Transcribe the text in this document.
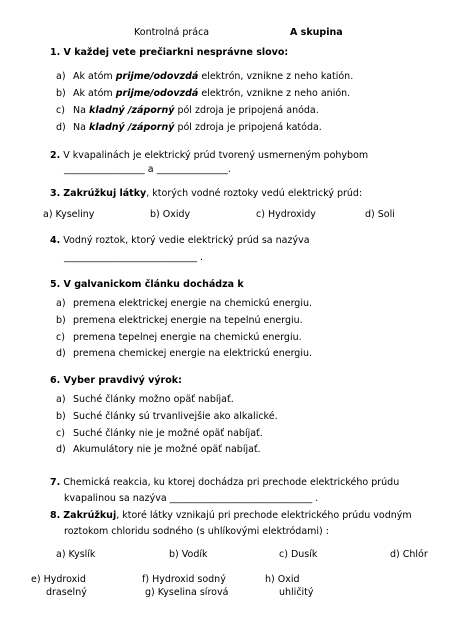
Kontrolná práca	A skupina
1. V každej vete prečiarkni nesprávne slovo:
a) Ak atóm prijme/odovzdá elektrón, vznikne z neho katión.
b) Ak atóm prijme/odovzdá elektrón, vznikne z neho anión.
c) Na kladný /záporný pól zdroja je pripojená anóda.
d) Na kladný /záporný pól zdroja je pripojená katóda.
2. V kvapalinách je elektrický prúd tvorený usmerneným pohybom
_________________ a _______________.
3. Zakrúžkuj látky, ktorých vodné roztoky vedú elektrický prúd:
a) Kyseliny	b) Oxidy	c) Hydroxidy	d) Soli
4. Vodný roztok, ktorý vedie elektrický prúd sa nazýva
____________________________ .
5. V galvanickom článku dochádza k
a) premena elektrickej energie na chemickú energiu.
b) premena elektrickej energie na tepelnú energiu.
c) premena tepelnej energie na chemickú energiu.
d) premena chemickej energie na elektrickú energiu.
6. Vyber pravdivý výrok:
a) Suché články možno opäť nabíjať.
b) Suché články sú trvanlivejšie ako alkalické.
c) Suché články nie je možné opäť nabíjať.
d) Akumulátory nie je možné opäť nabíjať.
7. Chemická reakcia, ku ktorej dochádza pri prechode elektrického prúdu
kvapalinou sa nazýva ______________________________ .
8. Zakrúžkuj, ktoré látky vznikajú pri prechode elektrického prúdu vodným
roztokom chloridu sodného (s uhlíkovými elektródami) :
a) Kyslík	b) Vodík	c) Dusík	d) Chlór
e) Hydroxid
draselný
f) Hydroxid sodný
g) Kyselina sírová
h) Oxid
uhličitý
